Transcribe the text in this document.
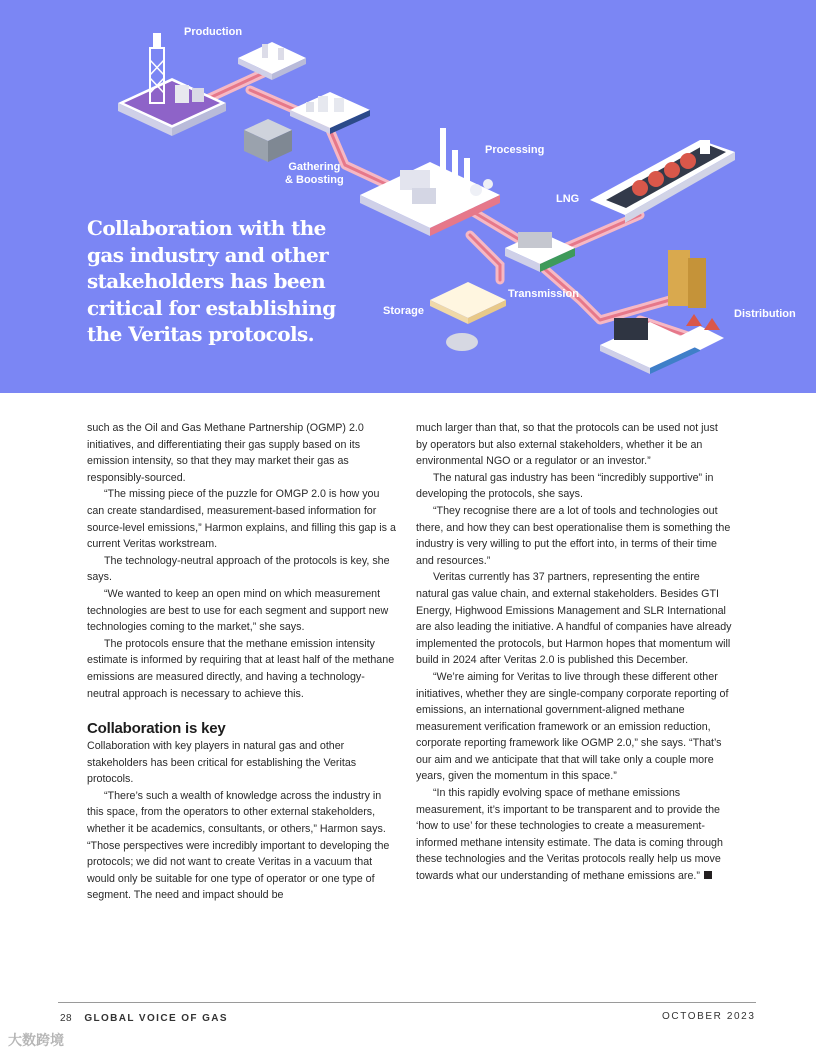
Production
Gathering
& Boosting
Processing
LNG
Storage
Transmission
Distribution
Collaboration with the gas industry and other stakeholders has been critical for establishing the Veritas protocols.

such as the Oil and Gas Methane Partnership (OGMP) 2.0 initiatives, and differentiating their gas supply based on its emission intensity, so that they may market their gas as responsibly-sourced.

“The missing piece of the puzzle for OMGP 2.0 is how you can create standardised, measurement-based information for source-level emissions,” Harmon explains, and filling this gap is a current Veritas workstream.

The technology-neutral approach of the protocols is key, she says.

“We wanted to keep an open mind on which measurement technologies are best to use for each segment and support new technologies coming to the market,” she says.

The protocols ensure that the methane emission intensity estimate is informed by requiring that at least half of the methane emissions are measured directly, and having a technology-neutral approach is necessary to achieve this.

Collaboration is key

Collaboration with key players in natural gas and other stakeholders has been critical for establishing the Veritas protocols.

“There’s such a wealth of knowledge across the industry in this space, from the operators to other external stakeholders, whether it be academics, consultants, or others,” Harmon says. “Those perspectives were incredibly important to developing the protocols; we did not want to create Veritas in a vacuum that would only be suitable for one type of operator or one type of segment. The need and impact should be

much larger than that, so that the protocols can be used not just by operators but also external stakeholders, whether it be an environmental NGO or a regulator or an investor.”

The natural gas industry has been “incredibly supportive” in developing the protocols, she says.

“They recognise there are a lot of tools and technologies out there, and how they can best operationalise them is something the industry is very willing to put the effort into, in terms of their time and resources.”

Veritas currently has 37 partners, representing the entire natural gas value chain, and external stakeholders. Besides GTI Energy, Highwood Emissions Management and SLR International are also leading the initiative. A handful of companies have already implemented the protocols, but Harmon hopes that momentum will build in 2024 after Veritas 2.0 is published this December.

“We’re aiming for Veritas to live through these different other initiatives, whether they are single-company corporate reporting of emissions, an international government-aligned methane measurement verification framework or an emission reduction, corporate reporting framework like OGMP 2.0,” she says. “That’s our aim and we anticipate that that will take only a couple more years, given the momentum in this space.”

“In this rapidly evolving space of methane emissions measurement, it’s important to be transparent and to provide the ‘how to use’ for these technologies to create a measurement-informed methane intensity estimate. The data is coming through these technologies and the Veritas protocols really help us move towards what our understanding of methane emissions are.”

28 GLOBAL VOICE OF GAS	OCTOBER 2023
大数跨境
